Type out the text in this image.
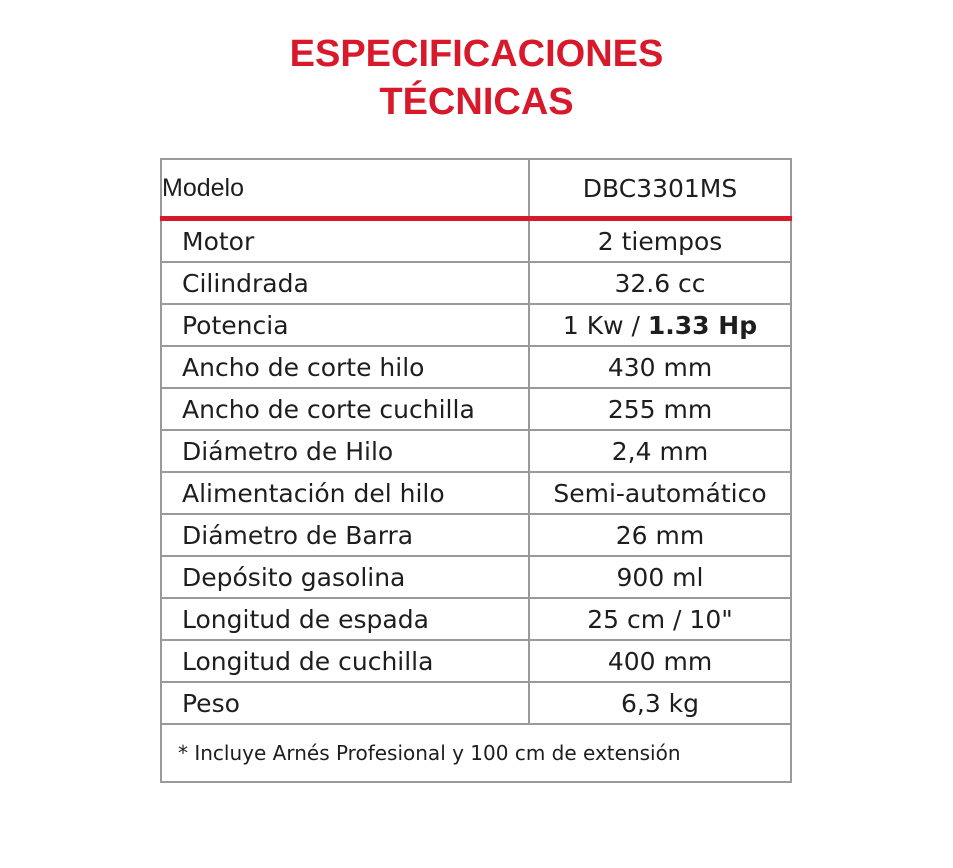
ESPECIFICACIONES
TÉCNICAS
Modelo	DBC3301MS
Motor	2 tiempos
Cilindrada	32.6 cc
Potencia	1 Kw / 1.33 Hp
Ancho de corte hilo	430 mm
Ancho de corte cuchilla	255 mm
Diámetro de Hilo	2,4 mm
Alimentación del hilo	Semi-automático
Diámetro de Barra	26 mm
Depósito gasolina	900 ml
Longitud de espada	25 cm / 10"
Longitud de cuchilla	400 mm
Peso	6,3 kg
* Incluye Arnés Profesional y 100 cm de extensión	
